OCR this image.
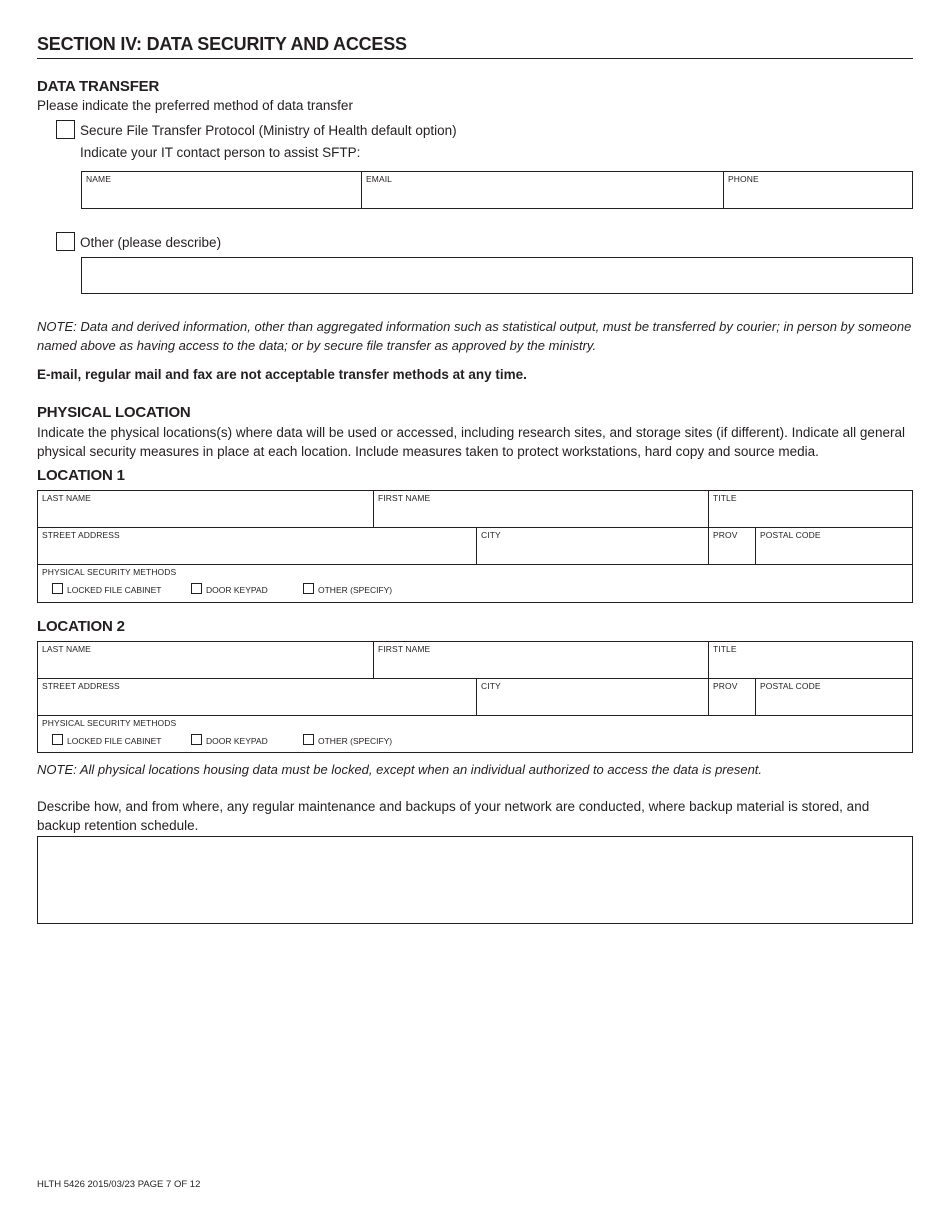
SECTION IV: DATA SECURITY AND ACCESS
DATA TRANSFER
Please indicate the preferred method of data transfer
Secure File Transfer Protocol (Ministry of Health default option)
Indicate your IT contact person to assist SFTP:
NAME	EMAIL	PHONE
Other (please describe)
NOTE: Data and derived information, other than aggregated information such as statistical output, must be transferred by courier; in person by someone named above as having access to the data; or by secure file transfer as approved by the ministry.
E-mail, regular mail and fax are not acceptable transfer methods at any time.
PHYSICAL LOCATION
Indicate the physical locations(s) where data will be used or accessed, including research sites, and storage sites (if different). Indicate all general physical security measures in place at each location. Include measures taken to protect workstations, hard copy and source media.
LOCATION 1
LAST NAME	FIRST NAME	TITLE
STREET ADDRESS	CITY	PROV	POSTAL CODE
PHYSICAL SECURITY METHODS
LOCKED FILE CABINET	DOOR KEYPAD	OTHER (SPECIFY)
LOCATION 2
LAST NAME	FIRST NAME	TITLE
STREET ADDRESS	CITY	PROV	POSTAL CODE
PHYSICAL SECURITY METHODS
LOCKED FILE CABINET	DOOR KEYPAD	OTHER (SPECIFY)
NOTE: All physical locations housing data must be locked, except when an individual authorized to access the data is present.
Describe how, and from where, any regular maintenance and backups of your network are conducted, where backup material is stored, and backup retention schedule.
HLTH 5426 2015/03/23 PAGE 7 OF 12
